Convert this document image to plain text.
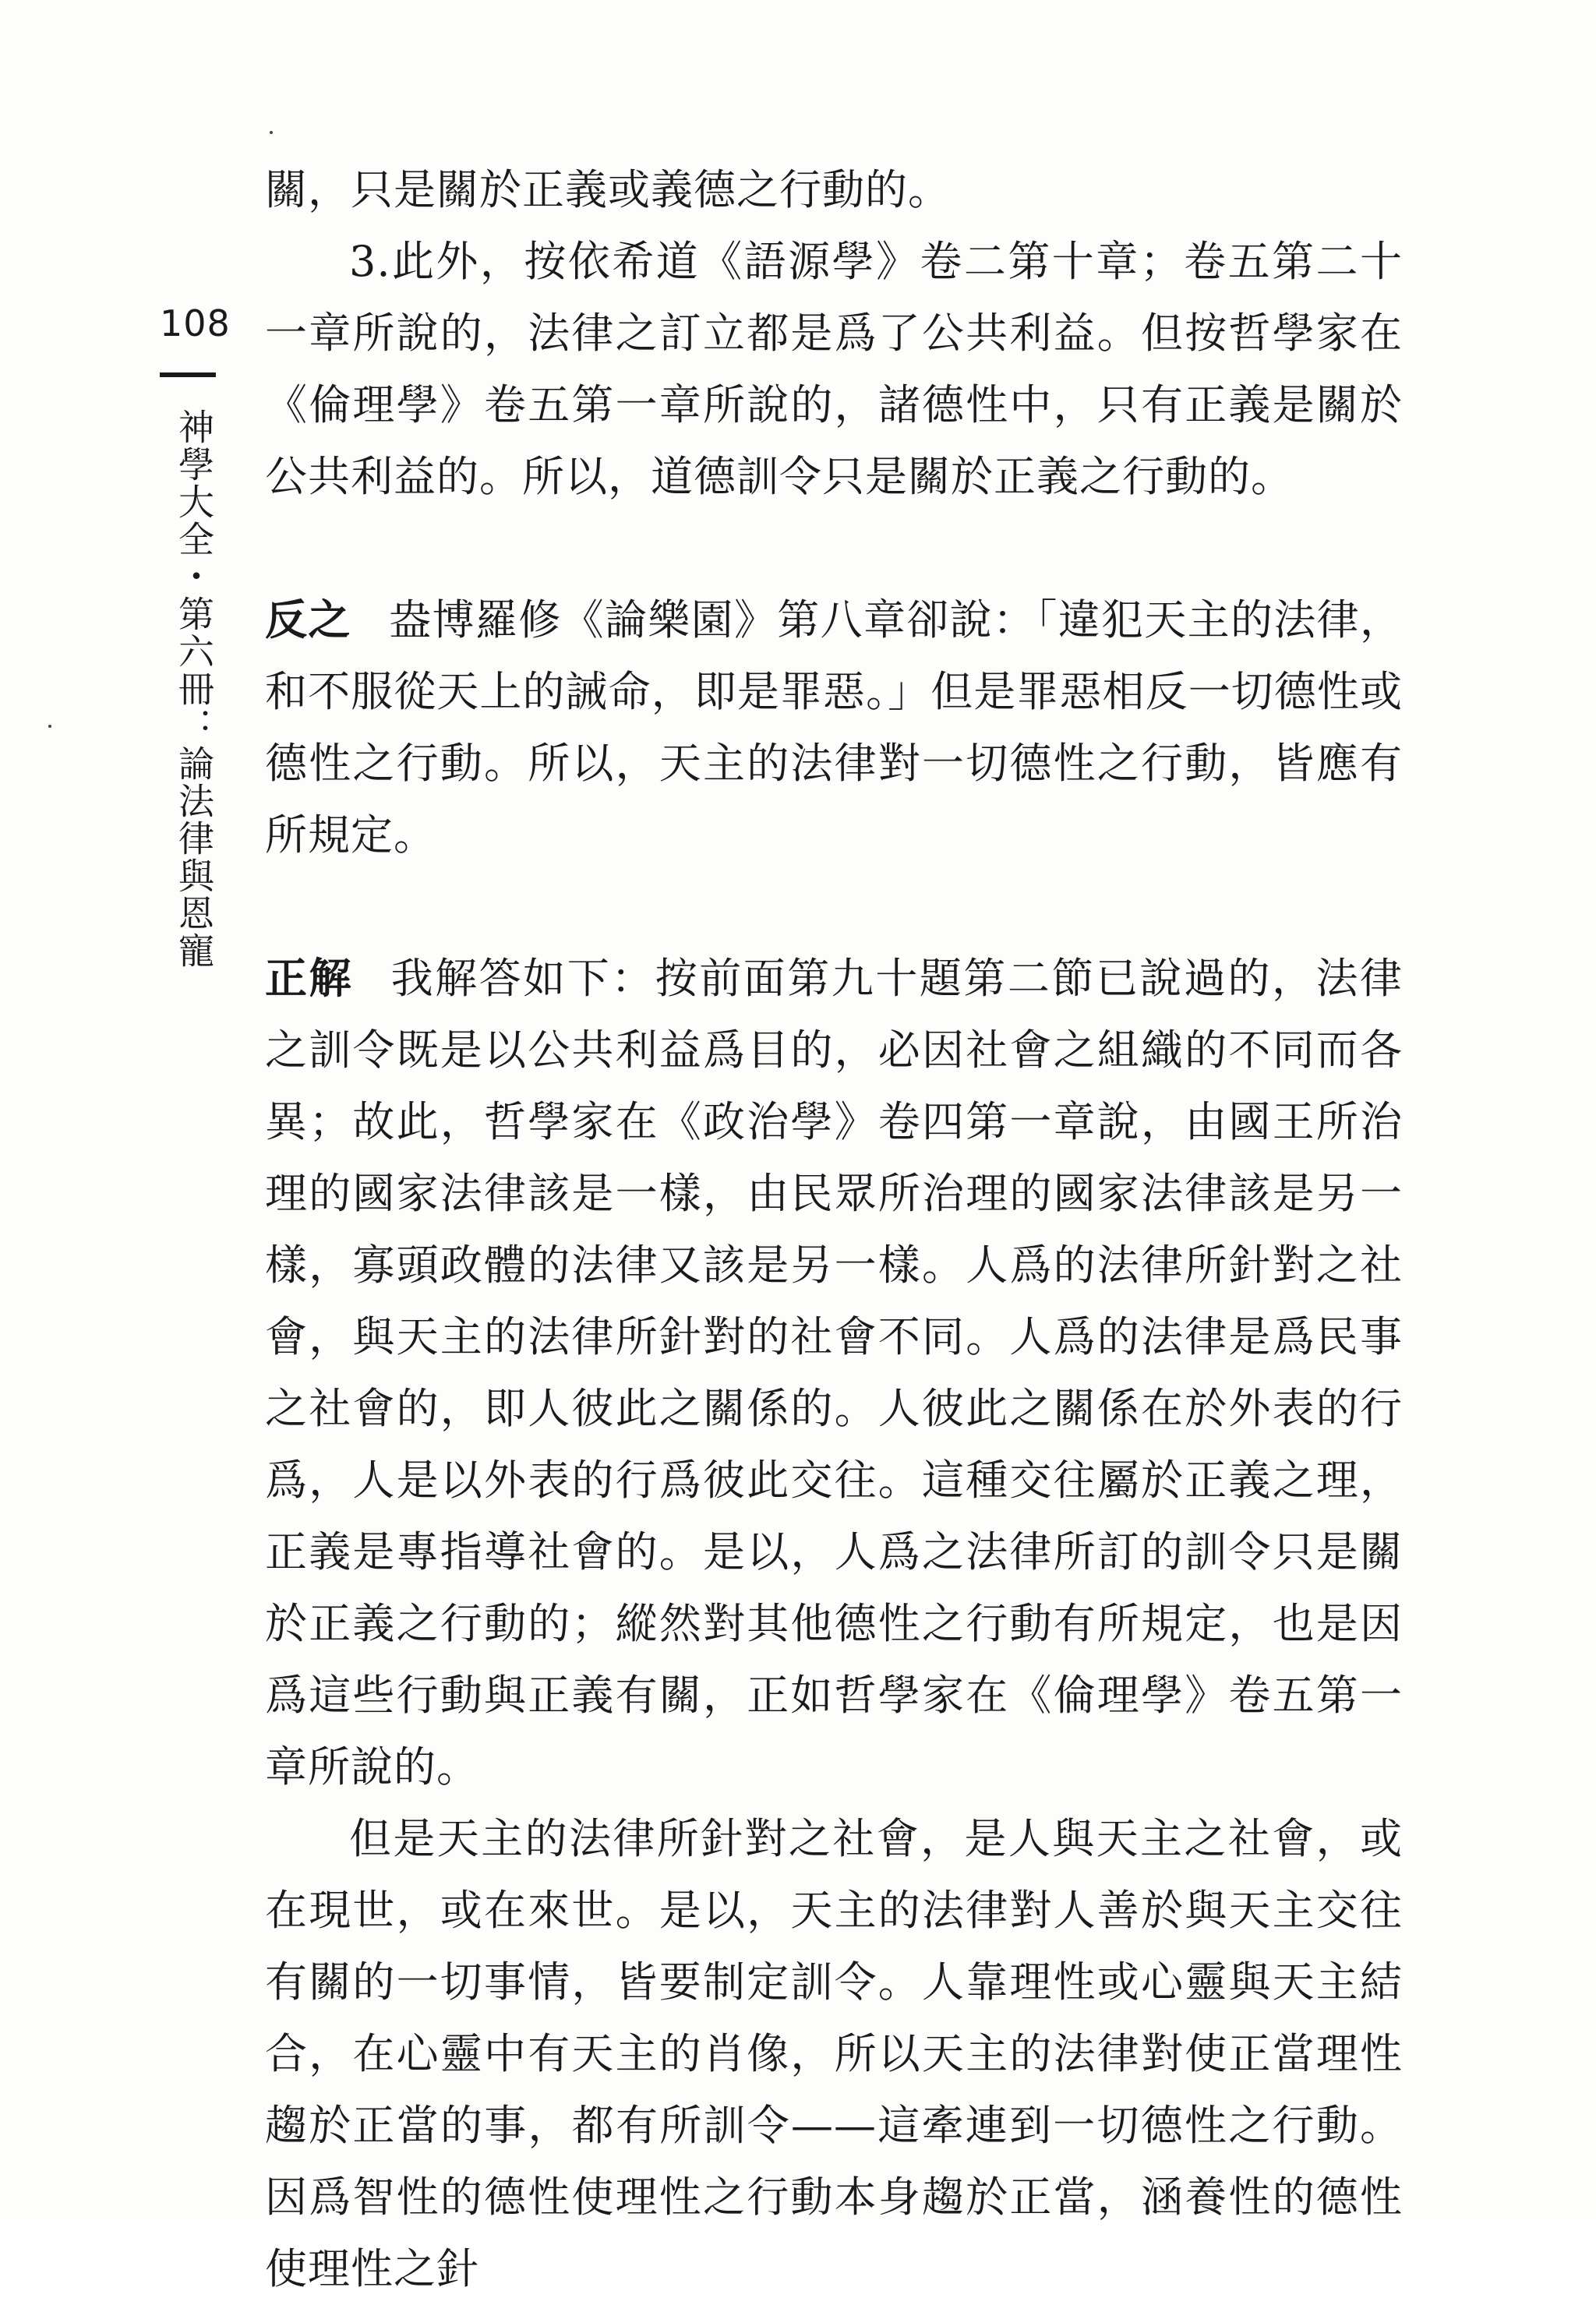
108
神學大全・第六冊：論法律與恩寵

關，只是關於正義或義德之行動的。

3.此外，按依希道《語源學》卷二第十章；卷五第二十一章所說的，法律之訂立都是爲了公共利益。但按哲學家在《倫理學》卷五第一章所說的，諸德性中，只有正義是關於公共利益的。所以，道德訓令只是關於正義之行動的。

反之 盎博羅修《論樂園》第八章卻說：「違犯天主的法律，和不服從天上的誡命，即是罪惡。」但是罪惡相反一切德性或德性之行動。所以，天主的法律對一切德性之行動，皆應有所規定。

正解 我解答如下：按前面第九十題第二節已說過的，法律之訓令既是以公共利益爲目的，必因社會之組織的不同而各異；故此，哲學家在《政治學》卷四第一章說，由國王所治理的國家法律該是一樣，由民眾所治理的國家法律該是另一樣，寡頭政體的法律又該是另一樣。人爲的法律所針對之社會，與天主的法律所針對的社會不同。人爲的法律是爲民事之社會的，即人彼此之關係的。人彼此之關係在於外表的行爲，人是以外表的行爲彼此交往。這種交往屬於正義之理，正義是專指導社會的。是以，人爲之法律所訂的訓令只是關於正義之行動的；縱然對其他德性之行動有所規定，也是因爲這些行動與正義有關，正如哲學家在《倫理學》卷五第一章所說的。

但是天主的法律所針對之社會，是人與天主之社會，或在現世，或在來世。是以，天主的法律對人善於與天主交往有關的一切事情，皆要制定訓令。人靠理性或心靈與天主結合，在心靈中有天主的肖像，所以天主的法律對使正當理性趨於正當的事，都有所訓令——這牽連到一切德性之行動。因爲智性的德性使理性之行動本身趨於正當，涵養性的德性使理性之針
